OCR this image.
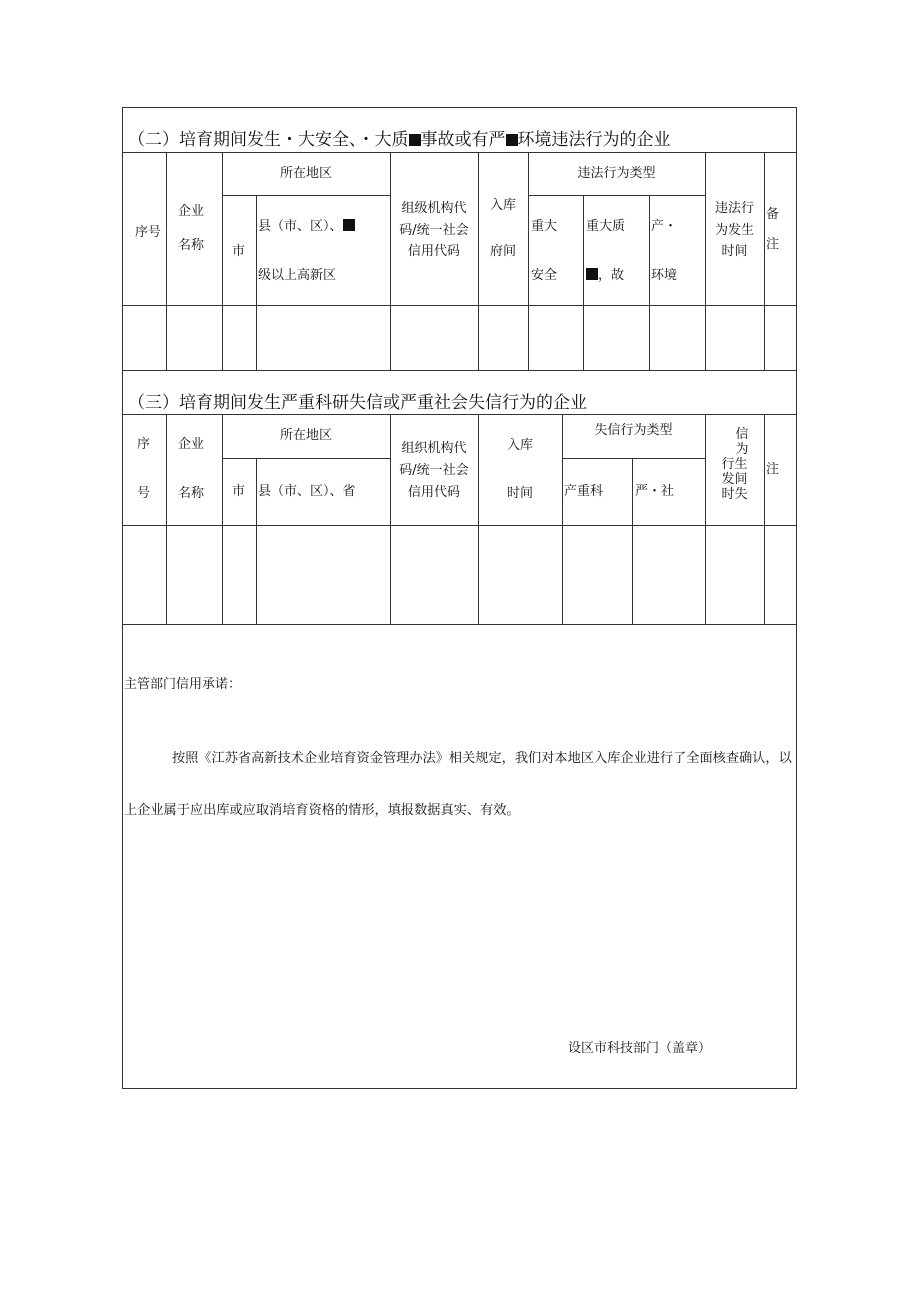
（二）培育期间发生・大安全、・大质 事故或有严 环境违法行为的企业
序号
企业
名称
所在地区
市
县（市、区）、
级以上高新区
组级机构代
码/统一社会
信用代码
入库
府间
违法行为类型
重大
安全
重大质
，故
产・
环境
违法行
为发生
时间
备
注
（三）培育期间发生严重科研失信或严重社会失信行为的企业
序
号
企业
名称
所在地区
市 县（市、区）、省
组织机构代
码/统一社会
信用代码
入库
时间
失信行为类型
产重科 严・社
信
为
行生
发间
时失
注
主管部门信用承诺：
按照《江苏省高新技术企业培育资金管理办法》相关规定，我们对本地区入库企业进行了全面核查确认，以上企业属于应出库或应取消培育资格的情形，填报数据真实、有效。
设区市科技部门（盖章）
